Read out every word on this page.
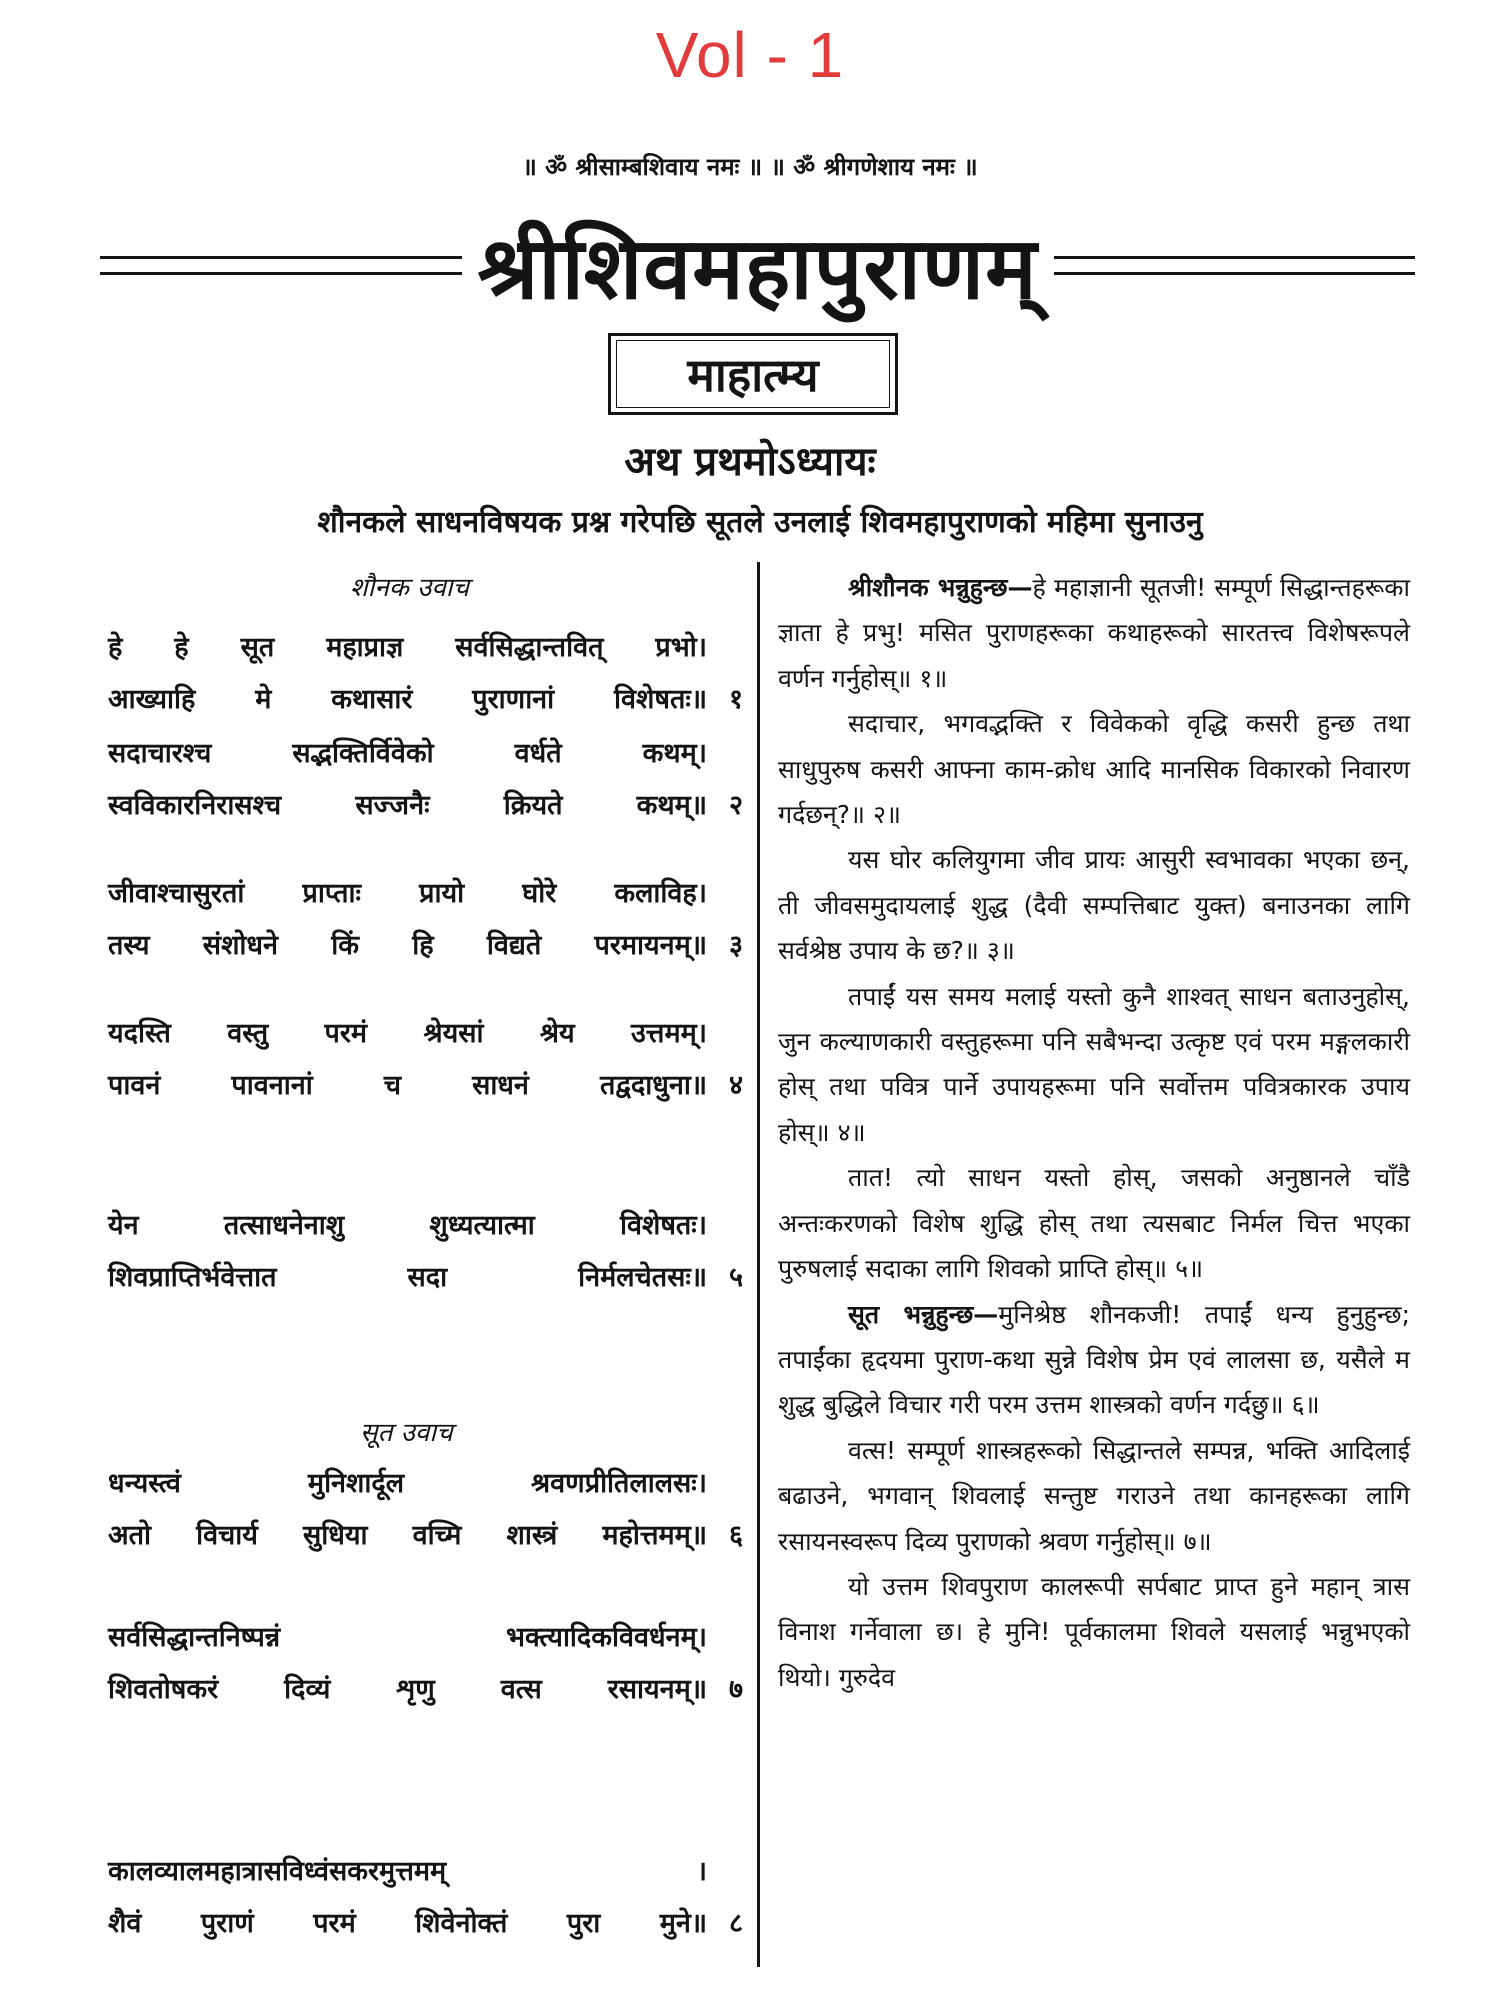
Vol - 1
॥ ॐ श्रीसाम्बशिवाय नमः ॥ ॥ ॐ श्रीगणेशाय नमः ॥
श्रीशिवमहापुराणम्
माहात्म्य
अथ प्रथमोऽध्यायः
शौनकले साधनविषयक प्रश्न गरेपछि सूतले उनलाई शिवमहापुराणको महिमा सुनाउनु
शौनक उवाच
हे हे सूत महाप्राज्ञ सर्वसिद्धान्तवित् प्रभो।
आख्याहि मे कथासारं पुराणानां विशेषतः॥ १
सदाचारश्च सद्भक्तिर्विवेको वर्धते कथम्।
स्वविकारनिरासश्च सज्जनैः क्रियते कथम्॥ २
जीवाश्चासुरतां प्राप्ताः प्रायो घोरे कलाविह।
तस्य संशोधने किं हि विद्यते परमायनम्॥ ३
यदस्ति वस्तु परमं श्रेयसां श्रेय उत्तमम्।
पावनं पावनानां च साधनं तद्वदाधुना॥ ४
येन तत्साधनेनाशु शुध्यत्यात्मा विशेषतः।
शिवप्राप्तिर्भवेत्तात सदा निर्मलचेतसः॥ ५
सूत उवाच
धन्यस्त्वं मुनिशार्दूल श्रवणप्रीतिलालसः।
अतो विचार्य सुधिया वच्मि शास्त्रं महोत्तमम्॥ ६
सर्वसिद्धान्तनिष्पन्नं भक्त्यादिकविवर्धनम्।
शिवतोषकरं दिव्यं शृणु वत्स रसायनम्॥ ७
कालव्यालमहात्रासविध्वंसकरमुत्तमम् ।
शैवं पुराणं परमं शिवेनोक्तं पुरा मुने॥ ८

श्रीशौनक भन्नुहुन्छ—हे महाज्ञानी सूतजी! सम्पूर्ण सिद्धान्तहरूका ज्ञाता हे प्रभु! मसित पुराणहरूका कथाहरूको सारतत्त्व विशेषरूपले वर्णन गर्नुहोस्॥ १॥

सदाचार, भगवद्भक्ति र विवेकको वृद्धि कसरी हुन्छ तथा साधुपुरुष कसरी आफ्ना काम-क्रोध आदि मानसिक विकारको निवारण गर्दछन्?॥ २॥

यस घोर कलियुगमा जीव प्रायः आसुरी स्वभावका भएका छन्, ती जीवसमुदायलाई शुद्ध (दैवी सम्पत्तिबाट युक्त) बनाउनका लागि सर्वश्रेष्ठ उपाय के छ?॥ ३॥

तपाईं यस समय मलाई यस्तो कुनै शाश्वत् साधन बताउनुहोस्, जुन कल्याणकारी वस्तुहरूमा पनि सबैभन्दा उत्कृष्ट एवं परम मङ्गलकारी होस् तथा पवित्र पार्ने उपायहरूमा पनि सर्वोत्तम पवित्रकारक उपाय होस्॥ ४॥

तात! त्यो साधन यस्तो होस्, जसको अनुष्ठानले चाँडै अन्तःकरणको विशेष शुद्धि होस् तथा त्यसबाट निर्मल चित्त भएका पुरुषलाई सदाका लागि शिवको प्राप्ति होस्॥ ५॥

सूत भन्नुहुन्छ—मुनिश्रेष्ठ शौनकजी! तपाईं धन्य हुनुहुन्छ; तपाईंका हृदयमा पुराण-कथा सुन्ने विशेष प्रेम एवं लालसा छ, यसैले म शुद्ध बुद्धिले विचार गरी परम उत्तम शास्त्रको वर्णन गर्दछु॥ ६॥

वत्स! सम्पूर्ण शास्त्रहरूको सिद्धान्तले सम्पन्न, भक्ति आदिलाई बढाउने, भगवान् शिवलाई सन्तुष्ट गराउने तथा कानहरूका लागि रसायनस्वरूप दिव्य पुराणको श्रवण गर्नुहोस्॥ ७॥

यो उत्तम शिवपुराण कालरूपी सर्पबाट प्राप्त हुने महान् त्रास विनाश गर्नेवाला छ। हे मुनि! पूर्वकालमा शिवले यसलाई भन्नुभएको थियो। गुरुदेव
